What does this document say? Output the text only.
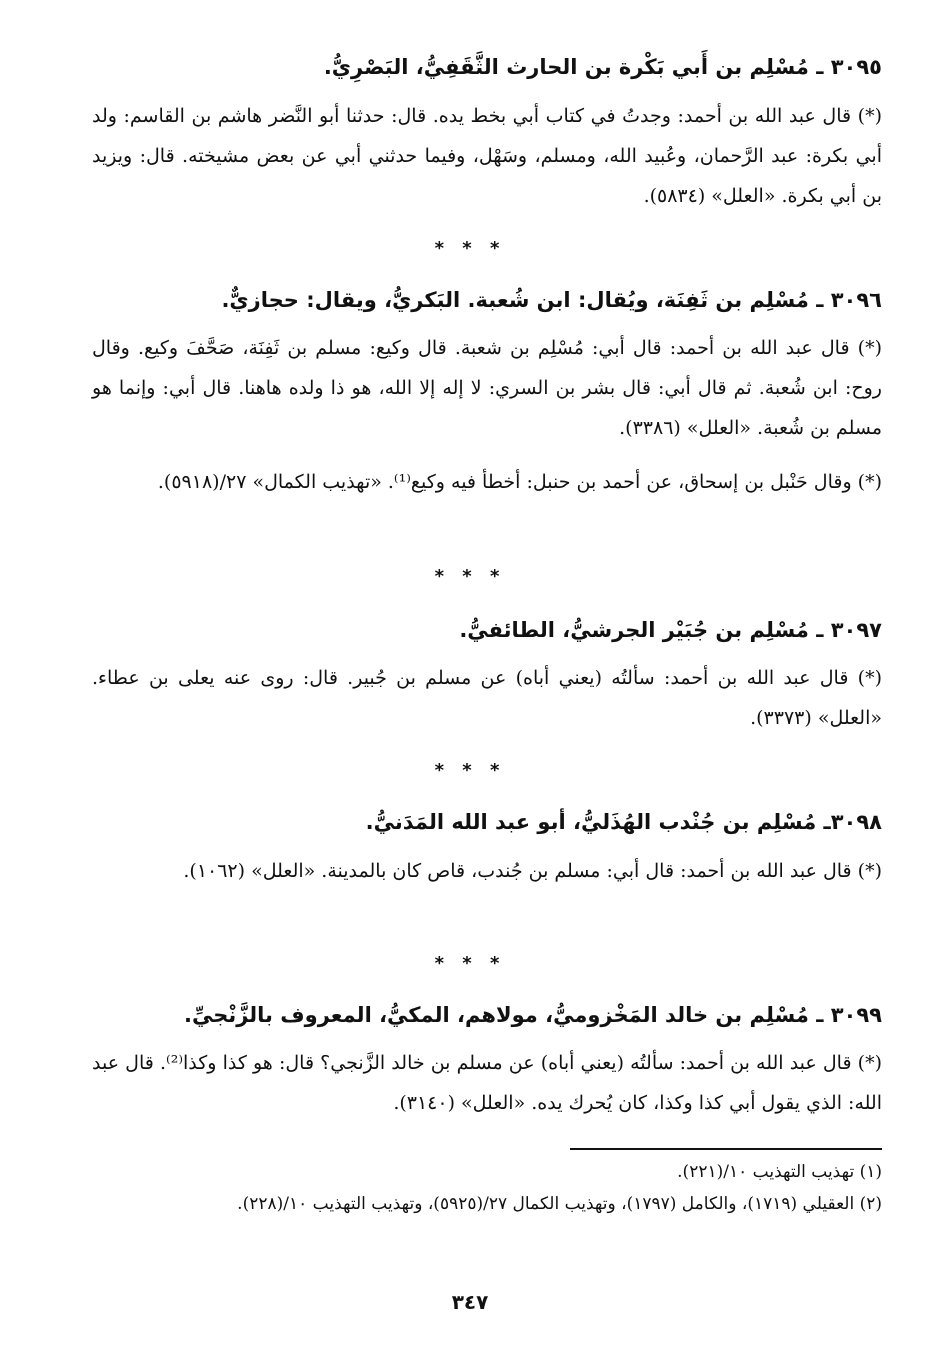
٣٠٩٥ ـ مُسْلِم بن أَبي بَكْرة بن الحارث الثَّقَفِيُّ، البَصْرِيُّ.
(*) قال عبد الله بن أحمد: وجدتُ في كتاب أبي بخط يده. قال: حدثنا أبو النَّضر هاشم بن القاسم: ولد أبي بكرة: عبد الرَّحمان، وعُبيد الله، ومسلم، وسَهْل، وفيما حدثني أبي عن بعض مشيخته. قال: ويزيد بن أبي بكرة. «العلل» (٥٨٣٤).
* * *
٣٠٩٦ ـ مُسْلِم بن ثَفِنَة، ويُقال: ابن شُعبة. البَكريُّ، ويقال: حجازيٌّ.
(*) قال عبد الله بن أحمد: قال أبي: مُسْلِم بن شعبة. قال وكيع: مسلم بن ثَفِنَة، صَحَّفَ وكيع. وقال روح: ابن شُعبة. ثم قال أبي: قال بشر بن السري: لا إله إلا الله، هو ذا ولده هاهنا. قال أبي: وإنما هو مسلم بن شُعبة. «العلل» (٣٣٨٦).
(*) وقال حَنْبل بن إسحاق، عن أحمد بن حنبل: أخطأ فيه وكيع⁽¹⁾. «تهذيب الكمال» ٢٧/(٥٩١٨).
* * *
٣٠٩٧ ـ مُسْلِم بن جُبَيْر الجرشيُّ، الطائفيُّ.
(*) قال عبد الله بن أحمد: سألتُه (يعني أباه) عن مسلم بن جُبير. قال: روى عنه يعلى بن عطاء. «العلل» (٣٣٧٣).
* * *
٣٠٩٨ـ مُسْلِم بن جُنْدب الهُذَليُّ، أبو عبد الله المَدَنيُّ.
(*) قال عبد الله بن أحمد: قال أبي: مسلم بن جُندب، قاص كان بالمدينة. «العلل» (١٠٦٢).
* * *
٣٠٩٩ ـ مُسْلِم بن خالد المَخْزوميُّ، مولاهم، المكيُّ، المعروف بالزَّنْجيِّ.
(*) قال عبد الله بن أحمد: سألتُه (يعني أباه) عن مسلم بن خالد الزَّنجي؟ قال: هو كذا وكذا⁽²⁾. قال عبد الله: الذي يقول أبي كذا وكذا، كان يُحرك يده. «العلل» (٣١٤٠).
(١) تهذيب التهذيب ١٠/(٢٢١).
(٢) العقيلي (١٧١٩)، والكامل (١٧٩٧)، وتهذيب الكمال ٢٧/(٥٩٢٥)، وتهذيب التهذيب ١٠/(٢٢٨).
٣٤٧
